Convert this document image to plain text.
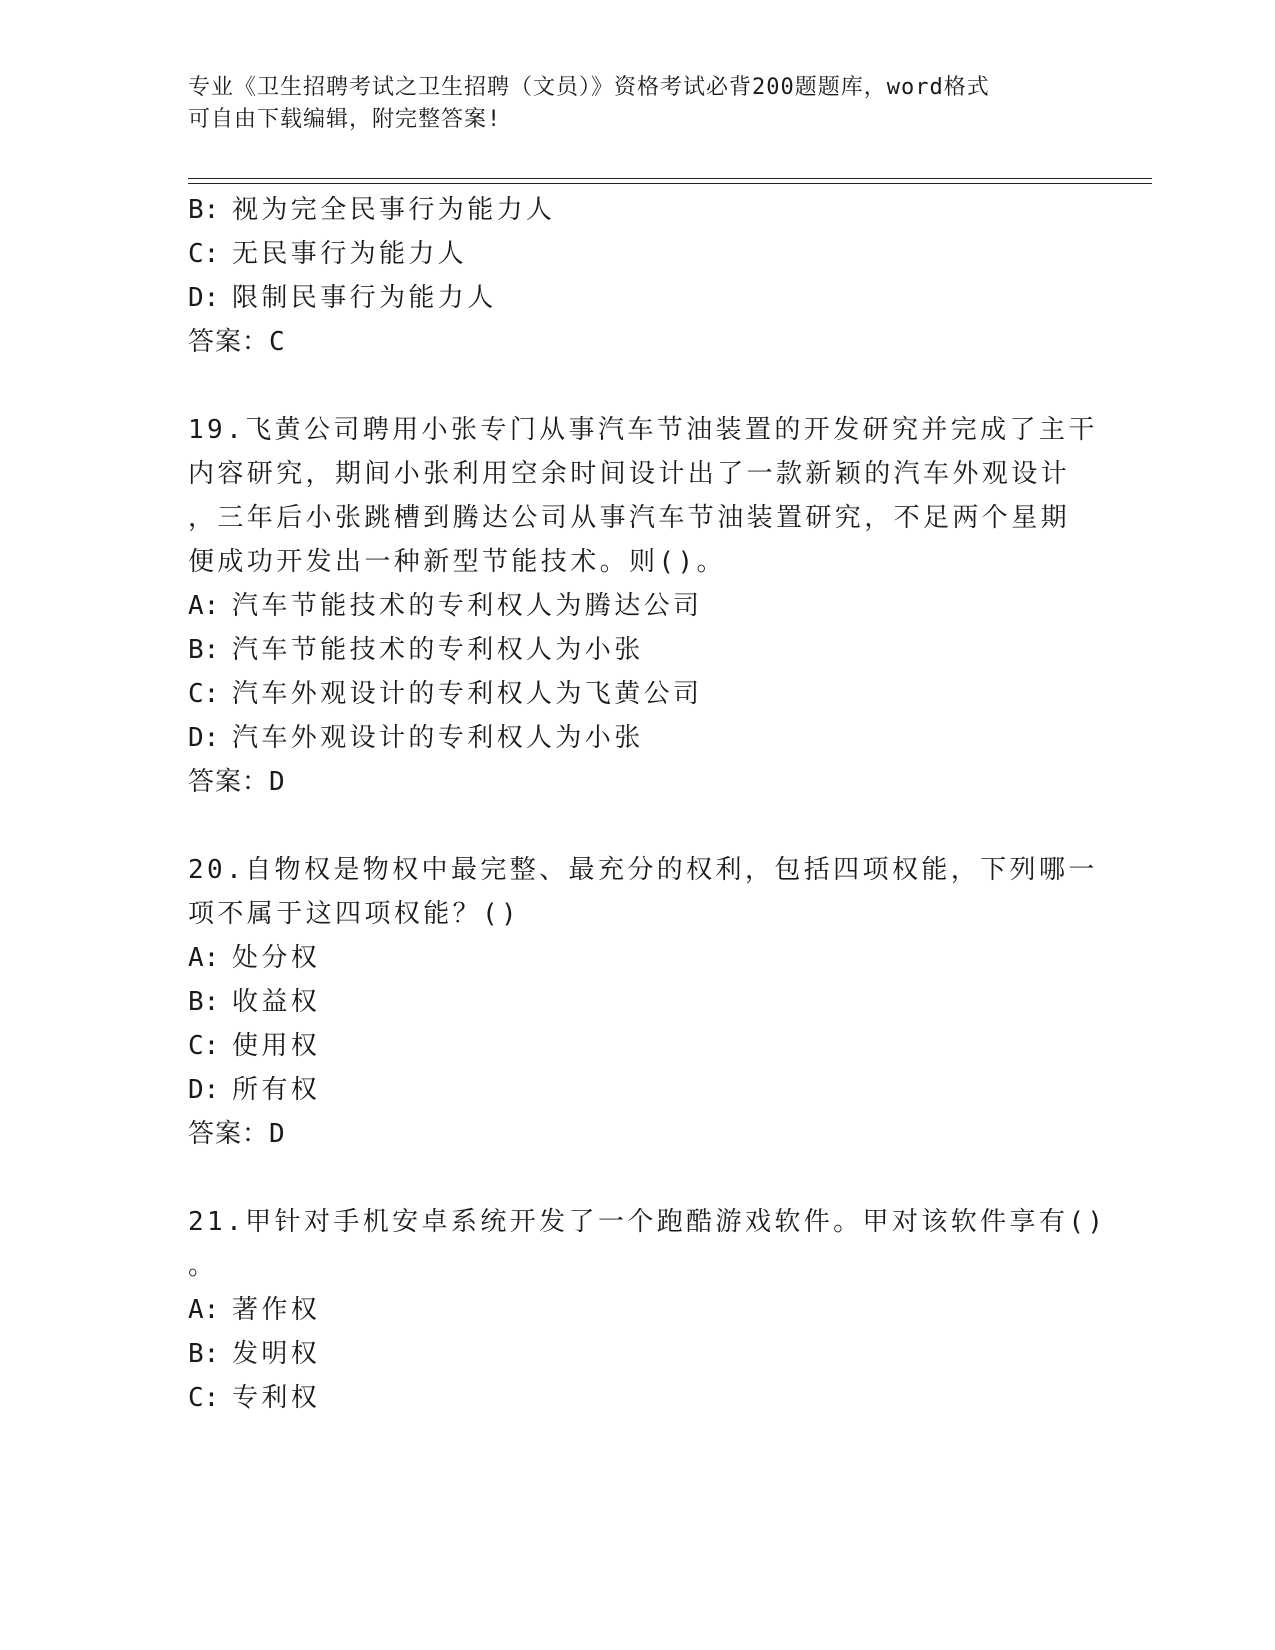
专业《卫生招聘考试之卫生招聘（文员）》资格考试必背200题题库，word格式
可自由下载编辑，附完整答案!
B: 视为完全民事行为能力人
C: 无民事行为能力人
D: 限制民事行为能力人
答案：C
19.飞黄公司聘用小张专门从事汽车节油装置的开发研究并完成了主干
内容研究，期间小张利用空余时间设计出了一款新颖的汽车外观设计
，三年后小张跳槽到腾达公司从事汽车节油装置研究，不足两个星期
便成功开发出一种新型节能技术。则()。
A: 汽车节能技术的专利权人为腾达公司
B: 汽车节能技术的专利权人为小张
C: 汽车外观设计的专利权人为飞黄公司
D: 汽车外观设计的专利权人为小张
答案：D
20.自物权是物权中最完整、最充分的权利，包括四项权能，下列哪一
项不属于这四项权能？()
A: 处分权
B: 收益权
C: 使用权
D: 所有权
答案：D
21.甲针对手机安卓系统开发了一个跑酷游戏软件。甲对该软件享有()
。
A: 著作权
B: 发明权
C: 专利权
